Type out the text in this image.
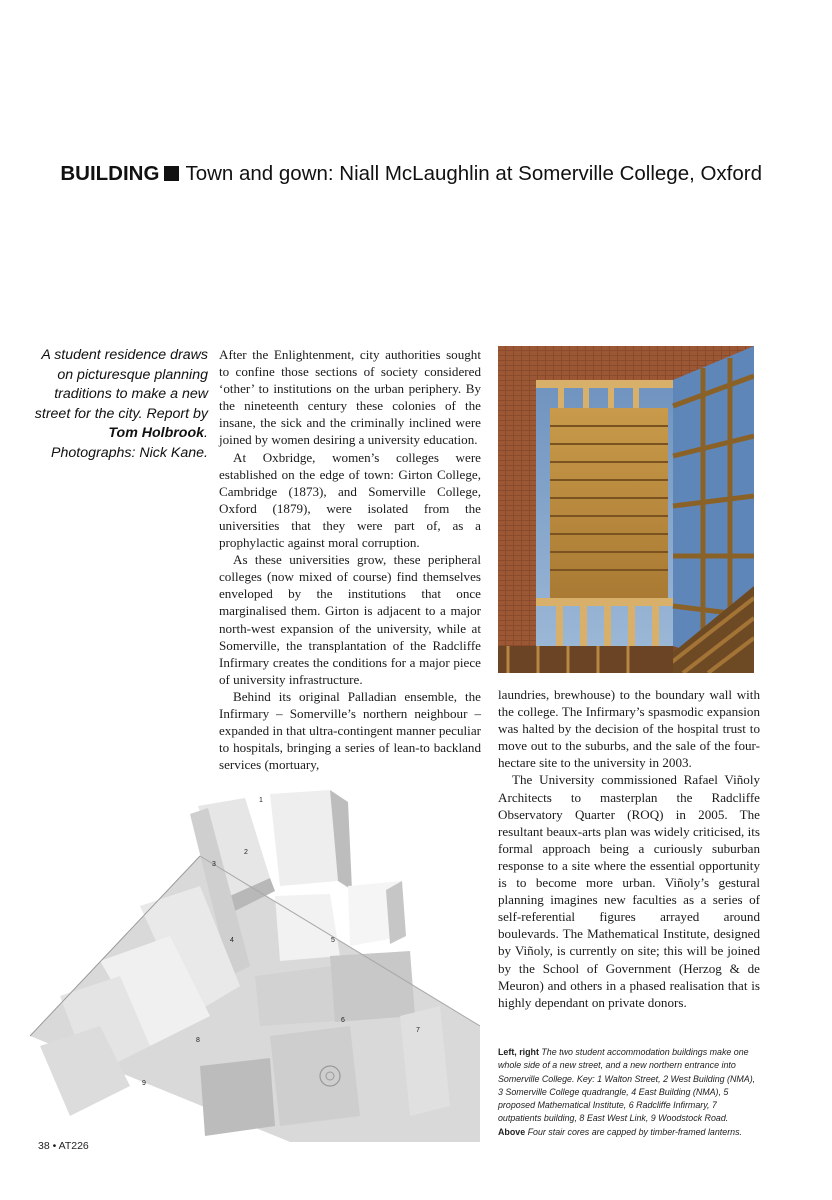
BUILDING Town and gown: Niall McLaughlin at Somerville College, Oxford
A student residence draws on picturesque planning traditions to make a new street for the city. Report by Tom Holbrook. Photographs: Nick Kane.

After the Enlightenment, city authorities sought to confine those sections of society considered ‘other’ to institutions on the urban periphery. By the nineteenth century these colonies of the insane, the sick and the criminally inclined were joined by women desiring a university education.

At Oxbridge, women’s colleges were established on the edge of town: Girton College, Cambridge (1873), and Somerville College, Oxford (1879), were isolated from the universities that they were part of, as a prophylactic against moral corruption.

As these universities grow, these peripheral colleges (now mixed of course) find themselves enveloped by the institutions that once marginalised them. Girton is adjacent to a major north-west expansion of the university, while at Somerville, the transplantation of the Radcliffe Infirmary creates the conditions for a major piece of university infrastructure.

Behind its original Palladian ensemble, the Infirmary – Somerville’s northern neighbour – expanded in that ultra-contingent manner peculiar to hospitals, bringing a series of lean-to backland services (mortuary,

laundries, brewhouse) to the boundary wall with the college. The Infirmary’s spasmodic expansion was halted by the decision of the hospital trust to move out to the suburbs, and the sale of the four-hectare site to the university in 2003.

The University commissioned Rafael Viñoly Architects to masterplan the Radcliffe Observatory Quarter (ROQ) in 2005. The resultant beaux-arts plan was widely criticised, its formal approach being a curiously suburban response to a site where the essential opportunity is to become more urban. Viñoly’s gestural planning imagines new faculties as a series of self-referential figures arrayed around boulevards. The Mathematical Institute, designed by Viñoly, is currently on site; this will be joined by the School of Government (Herzog & de Meuron) and others in a phased realisation that is highly dependant on private donors.

1
2
3
4	5
6
7
8
9
Left, right The two student accommodation buildings make one whole side of a new street, and a new northern entrance into Somerville College. Key: 1 Walton Street, 2 West Building (NMA), 3 Somerville College quadrangle, 4 East Building (NMA), 5 proposed Mathematical Institute, 6 Radcliffe Infirmary, 7 outpatients building, 8 East West Link, 9 Woodstock Road.
Above Four stair cores are capped by timber-framed lanterns.
38 • AT226
